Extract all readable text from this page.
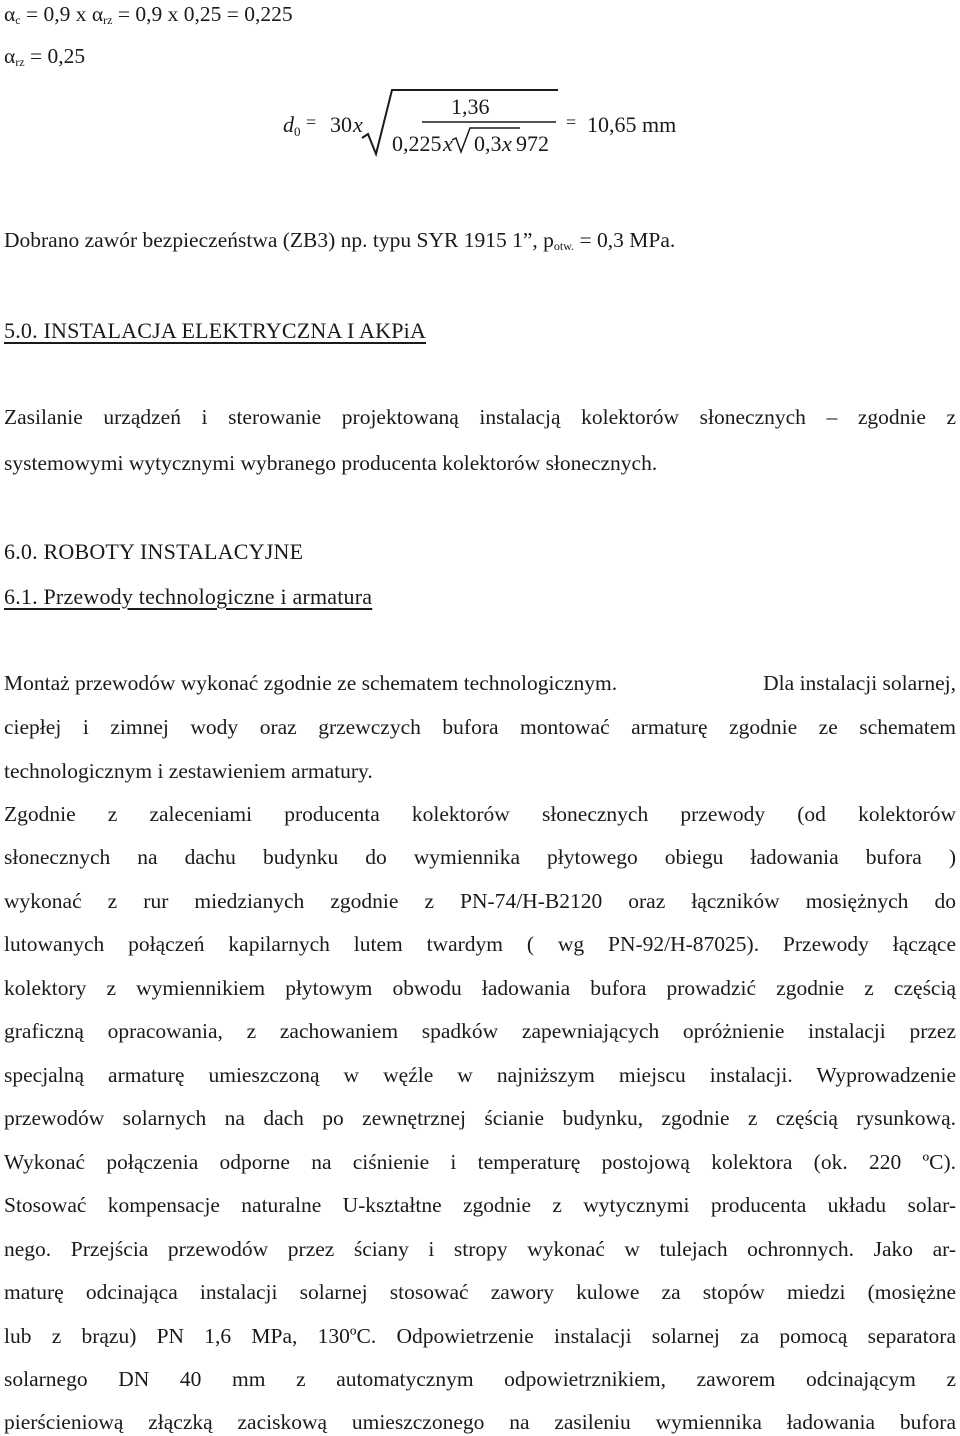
αc = 0,9 x αrz = 0,9 x 0,25 = 0,225
αrz = 0,25
d 0 = 30 x
1,36
0,225 x 0,3 x 972
= 10,65 mm
Dobrano zawór bezpieczeństwa (ZB3) np. typu SYR 1915 1”, potw. = 0,3 MPa.
5.0. INSTALACJA ELEKTRYCZNA I AKPiA
Zasilanie urządzeń i sterowanie projektowaną instalacją kolektorów słonecznych – zgodnie z
systemowymi wytycznymi wybranego producenta kolektorów słonecznych.
6.0. ROBOTY INSTALACYJNE
6.1. Przewody technologiczne i armatura
Montaż przewodów wykonać zgodnie ze schematem technologicznym.	Dla instalacji solarnej,
ciepłej i zimnej wody oraz grzewczych bufora montować armaturę zgodnie ze schematem
technologicznym i zestawieniem armatury.
Zgodnie z zaleceniami producenta kolektorów słonecznych przewody (od kolektorów
słonecznych na dachu budynku do wymiennika płytowego obiegu ładowania bufora )
wykonać z rur miedzianych zgodnie z PN-74/H-B2120 oraz łączników mosiężnych do
lutowanych połączeń kapilarnych lutem twardym ( wg PN-92/H-87025). Przewody łączące
kolektory z wymiennikiem płytowym obwodu ładowania bufora prowadzić zgodnie z częścią
graficzną opracowania, z zachowaniem spadków zapewniających opróżnienie instalacji przez
specjalną armaturę umieszczoną w węźle w najniższym miejscu instalacji. Wyprowadzenie
przewodów solarnych na dach po zewnętrznej ścianie budynku, zgodnie z częścią rysunkową.
Wykonać połączenia odporne na ciśnienie i temperaturę postojową kolektora (ok. 220 ºC).
Stosować kompensacje naturalne U-kształtne zgodnie z wytycznymi producenta układu solar-
nego. Przejścia przewodów przez ściany i stropy wykonać w tulejach ochronnych. Jako ar-
maturę odcinająca instalacji solarnej stosować zawory kulowe za stopów miedzi (mosiężne
lub z brązu) PN 1,6 MPa, 130ºC. Odpowietrzenie instalacji solarnej za pomocą separatora
solarnego DN 40 mm z automatycznym odpowietrznikiem, zaworem odcinającym z
pierścieniową złączką zaciskową umieszczonego na zasileniu wymiennika ładowania bufora
